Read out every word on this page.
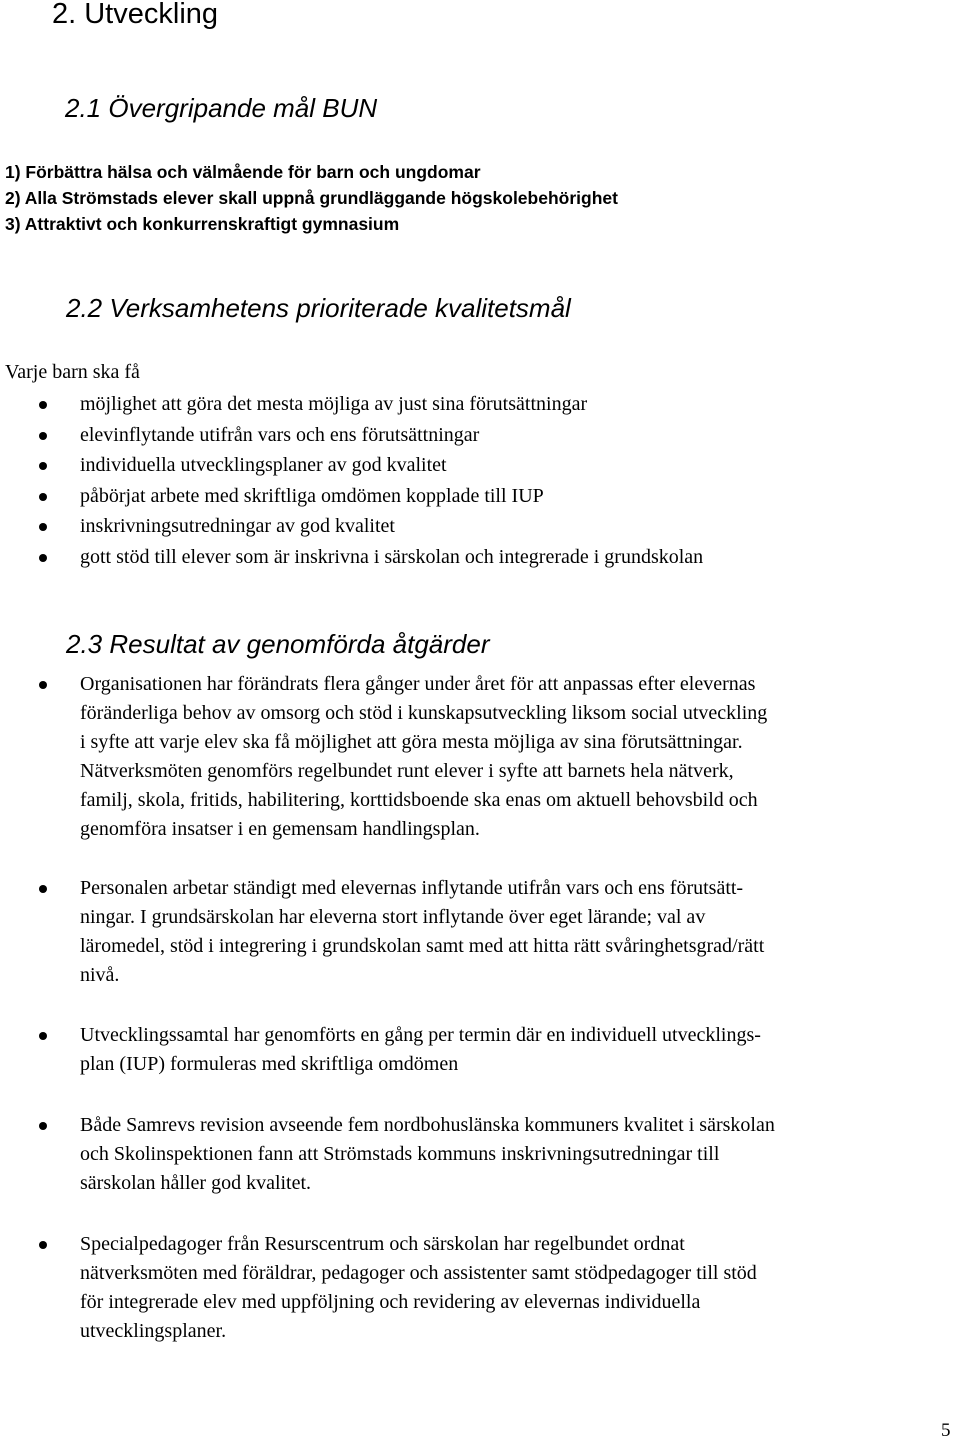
2. Utveckling
2.1 Övergripande mål BUN
1) Förbättra hälsa och välmående för barn och ungdomar
2) Alla Strömstads elever skall uppnå grundläggande högskolebehörighet
3) Attraktivt och konkurrenskraftigt gymnasium
2.2 Verksamhetens prioriterade kvalitetsmål
Varje barn ska få
möjlighet att göra det mesta möjliga av just sina förutsättningar
elevinflytande utifrån vars och ens förutsättningar
individuella utvecklingsplaner av god kvalitet
påbörjat arbete med skriftliga omdömen kopplade till IUP
inskrivningsutredningar av god kvalitet
gott stöd till elever som är inskrivna i särskolan och integrerade i grundskolan
2.3 Resultat av genomförda åtgärder
Organisationen har förändrats flera gånger under året för att anpassas efter elevernas
föränderliga behov av omsorg och stöd i kunskapsutveckling liksom social utveckling
i syfte att varje elev ska få möjlighet att göra mesta möjliga av sina förutsättningar.
Nätverksmöten genomförs regelbundet runt elever i syfte att barnets hela nätverk,
familj, skola, fritids, habilitering, korttidsboende ska enas om aktuell behovsbild och
genomföra insatser i en gemensam handlingsplan.
Personalen arbetar ständigt med elevernas inflytande utifrån vars och ens förutsätt-
ningar. I grundsärskolan har eleverna stort inflytande över eget lärande; val av
läromedel, stöd i integrering i grundskolan samt med att hitta rätt svåringhetsgrad/rätt
nivå.
Utvecklingssamtal har genomförts en gång per termin där en individuell utvecklings-
plan (IUP) formuleras med skriftliga omdömen
Både Samrevs revision avseende fem nordbohuslänska kommuners kvalitet i särskolan
och Skolinspektionen fann att Strömstads kommuns inskrivningsutredningar till
särskolan håller god kvalitet.
Specialpedagoger från Resurscentrum och särskolan har regelbundet ordnat
nätverksmöten med föräldrar, pedagoger och assistenter samt stödpedagoger till stöd
för integrerade elev med uppföljning och revidering av elevernas individuella
utvecklingsplaner.
5
